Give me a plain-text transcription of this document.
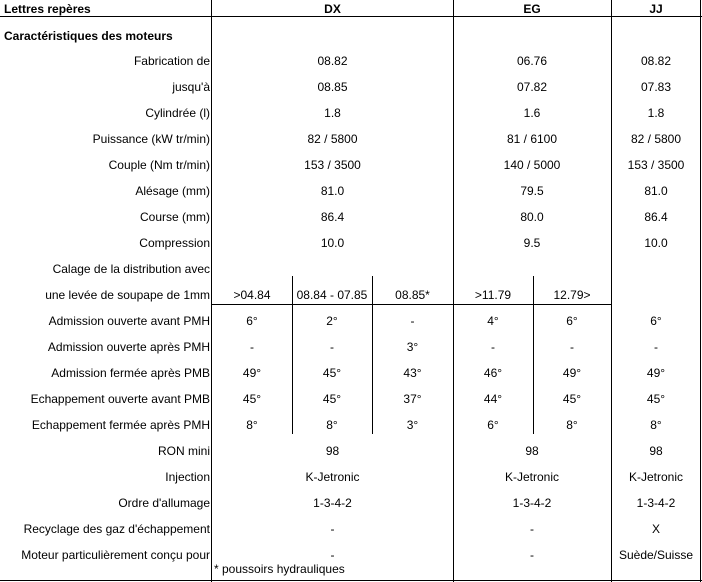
Lettres repères	DX	EG	JJ
Caractéristiques des moteurs
Fabrication de	08.82	06.76	08.82
jusqu'à	08.85	07.82	07.83
Cylindrée (l)	1.8	1.6	1.8
Puissance (kW tr/min)	82 / 5800	81 / 6100	82 / 5800
Couple (Nm tr/min)	153 / 3500	140 / 5000	153 / 3500
Alésage (mm)	81.0	79.5	81.0
Course (mm)	86.4	80.0	86.4
Compression	10.0	9.5	10.0
Calage de la distribution avec
une levée de soupape de 1mm	>04.84	08.84 - 07.85	08.85*	>11.79	12.79>
Admission ouverte avant PMH	6°	2°	-	4°	6°	6°
Admission ouverte après PMH	-	-	3°	-	-	-
Admission fermée après PMB	49°	45°	43°	46°	49°	49°
Echappement ouverte avant PMB	45°	45°	37°	44°	45°	45°
Echappement fermée après PMH	8°	8°	3°	6°	8°	8°
RON mini	98	98	98
Injection	K-Jetronic	K-Jetronic	K-Jetronic
Ordre d'allumage	1-3-4-2	1-3-4-2	1-3-4-2
Recyclage des gaz d'échappement	-	-	X
Moteur particulièrement conçu pour	-	-	Suède/Suisse
* poussoirs hydrauliques
